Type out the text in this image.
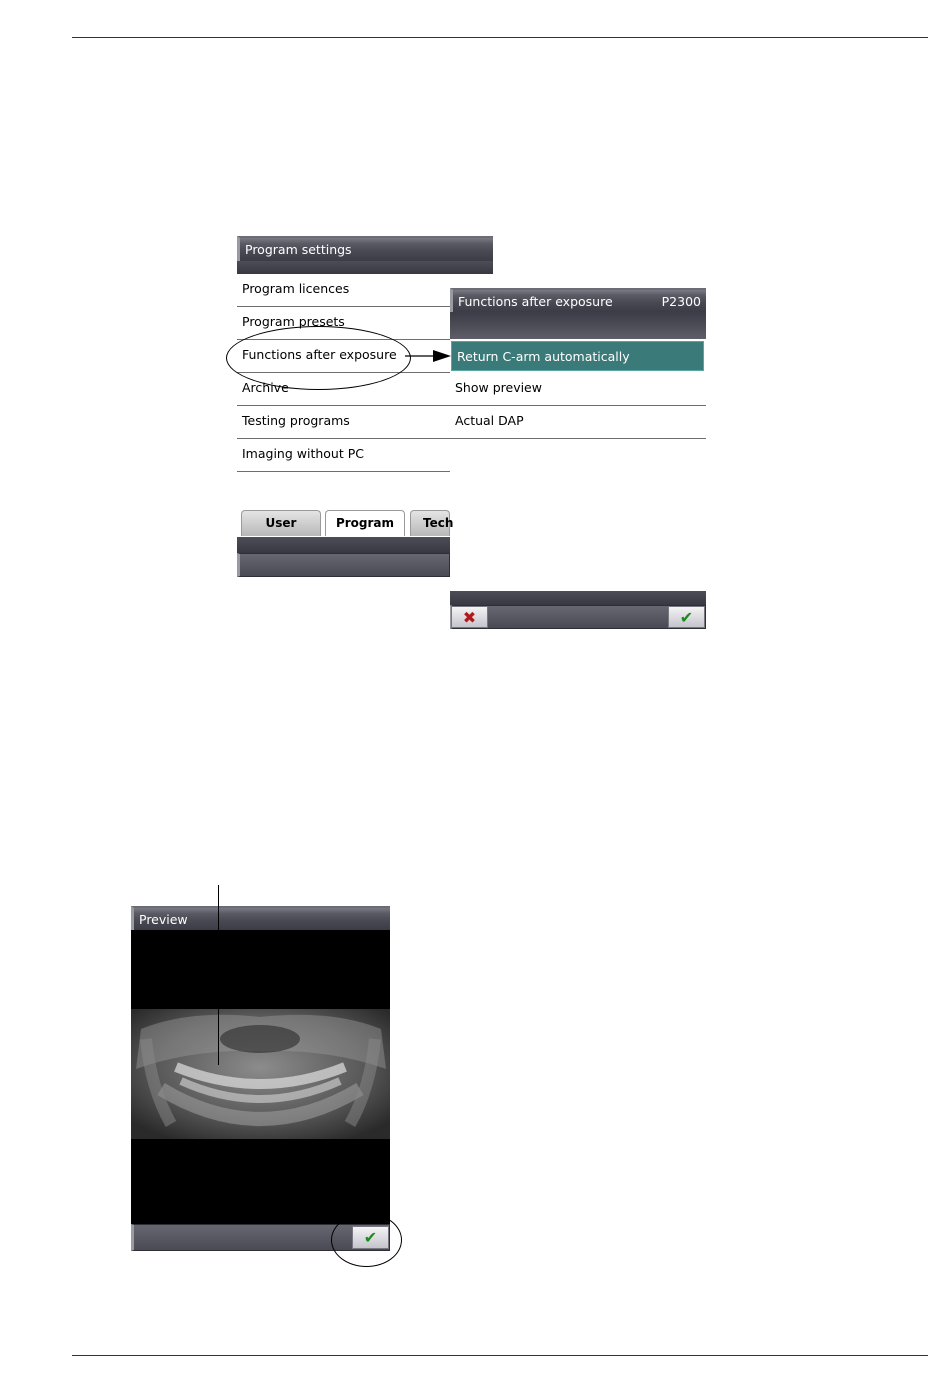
Program settings
Program licences
Program presets
Functions after exposure
Archive
Testing programs
Imaging without PC
User	Program	Tech
Functions after exposure	P2300
Return C-arm automatically
Show preview
Actual DAP
✖	✔
Preview
✔
